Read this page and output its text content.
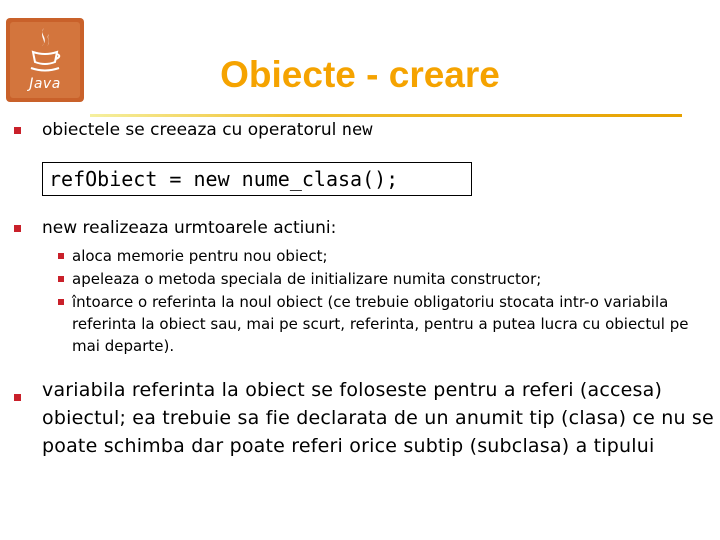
Java	Obiecte - creare
obiectele se creeaza cu operatorul new
refObiect = new nume_clasa();
new realizeaza urmtoarele actiuni:
aloca memorie pentru nou obiect;
apeleaza o metoda speciala de initializare numita constructor;
întoarce o referinta la noul obiect (ce trebuie obligatoriu stocata intr-o variabila referinta la obiect sau, mai pe scurt, referinta, pentru a putea lucra cu obiectul pe mai departe).
variabila referinta la obiect se foloseste pentru a referi (accesa) obiectul; ea trebuie sa fie declarata de un anumit tip (clasa) ce nu se poate schimba dar poate referi orice subtip (subclasa) a tipului
